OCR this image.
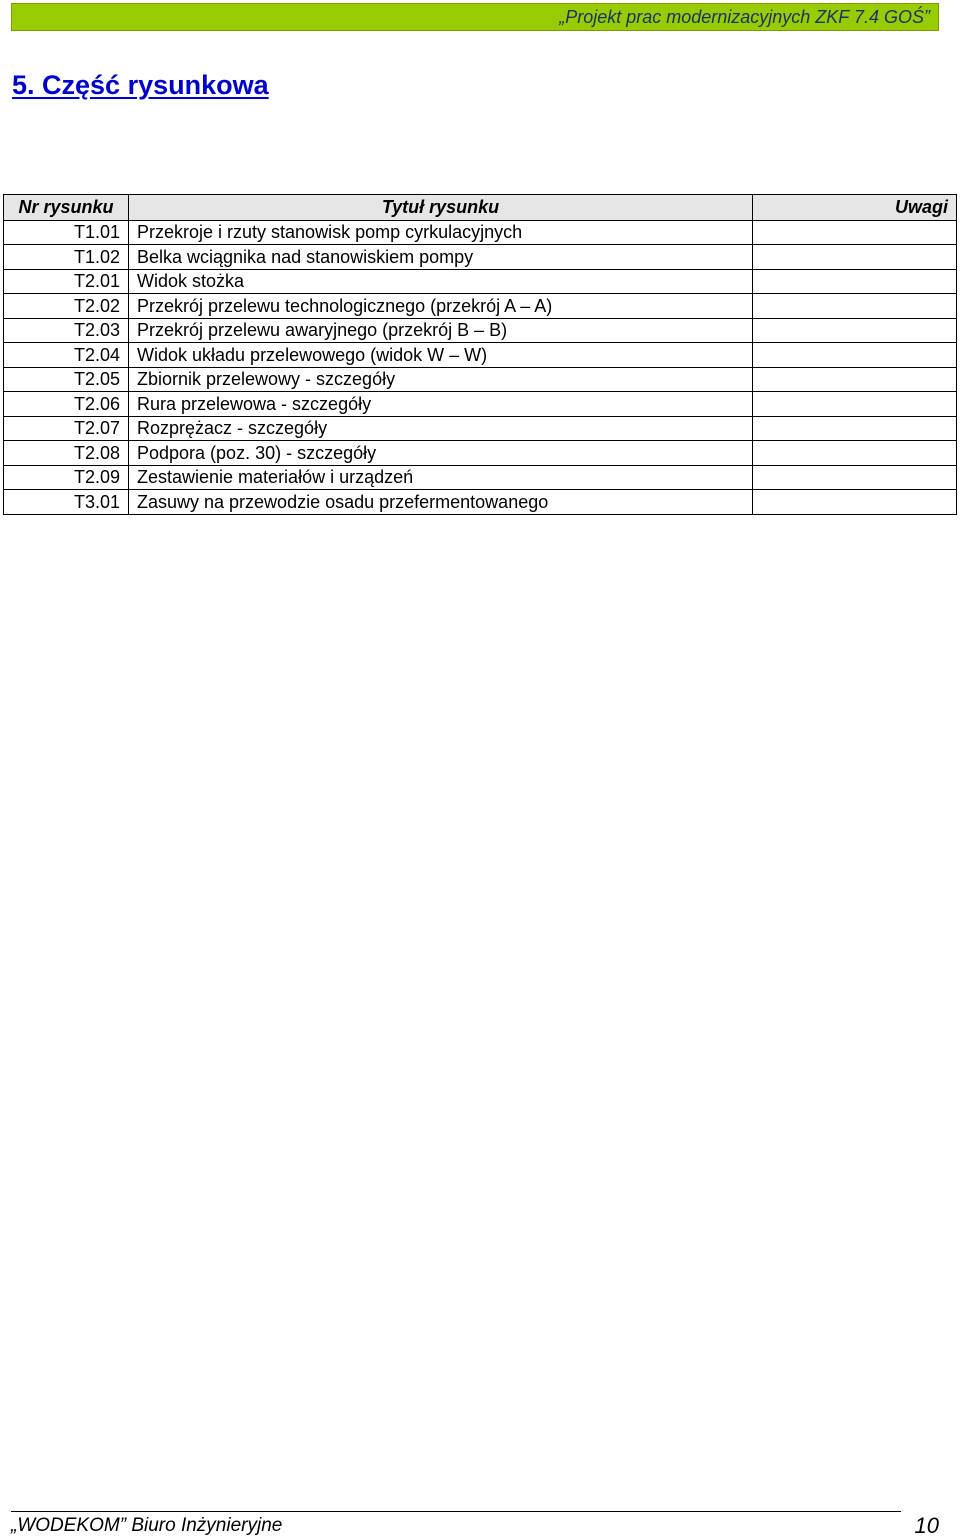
„Projekt prac modernizacyjnych ZKF 7.4 GOŚ”
5. Część rysunkowa
Nr rysunku	Tytuł rysunku	Uwagi
T1.01	Przekroje i rzuty stanowisk pomp cyrkulacyjnych	
T1.02	Belka wciągnika nad stanowiskiem pompy	
T2.01	Widok stożka	
T2.02	Przekrój przelewu technologicznego (przekrój A – A)	
T2.03	Przekrój przelewu awaryjnego (przekrój B – B)	
T2.04	Widok układu przelewowego (widok W – W)	
T2.05	Zbiornik przelewowy - szczegóły	
T2.06	Rura przelewowa - szczegóły	
T2.07	Rozprężacz - szczegóły	
T2.08	Podpora (poz. 30) - szczegóły	
T2.09	Zestawienie materiałów i urządzeń	
T3.01	Zasuwy na przewodzie osadu przefermentowanego	
„WODEKOM” Biuro Inżynieryjne	10
